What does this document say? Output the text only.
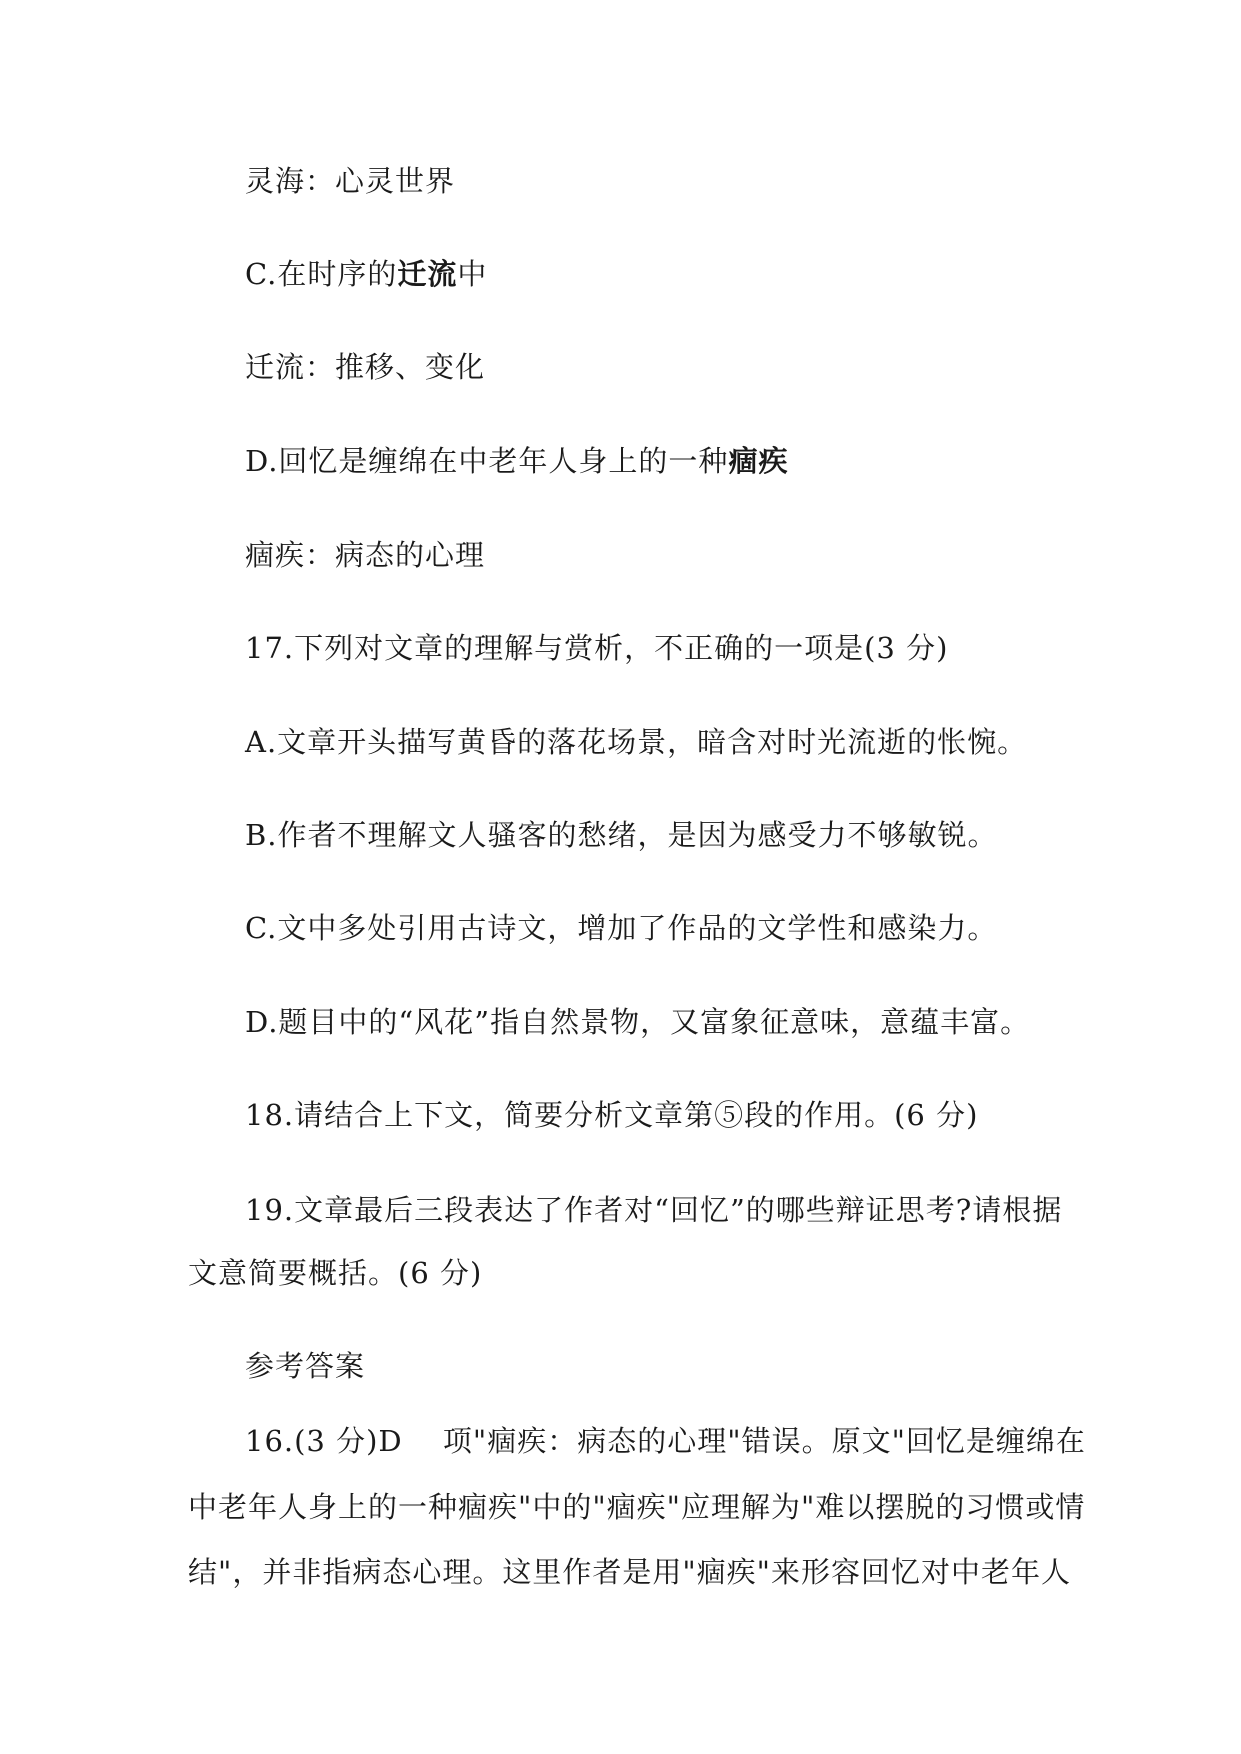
灵海：心灵世界
C.在时序的迁流中
迁流：推移、变化
D.回忆是缠绵在中老年人身上的一种痼疾
痼疾：病态的心理
17.下列对文章的理解与赏析，不正确的一项是(3 分)
A.文章开头描写黄昏的落花场景，暗含对时光流逝的怅惋。
B.作者不理解文人骚客的愁绪，是因为感受力不够敏锐。
C.文中多处引用古诗文，增加了作品的文学性和感染力。
D.题目中的“风花”指自然景物，又富象征意味，意蕴丰富。
18.请结合上下文，简要分析文章第⑤段的作用。(6 分)
19.文章最后三段表达了作者对“回忆”的哪些辩证思考?请根据
文意简要概括。(6 分)
参考答案
16.(3 分)D　 项"痼疾：病态的心理"错误。原文"回忆是缠绵在
中老年人身上的一种痼疾"中的"痼疾"应理解为"难以摆脱的习惯或情
结"，并非指病态心理。这里作者是用"痼疾"来形容回忆对中老年人
